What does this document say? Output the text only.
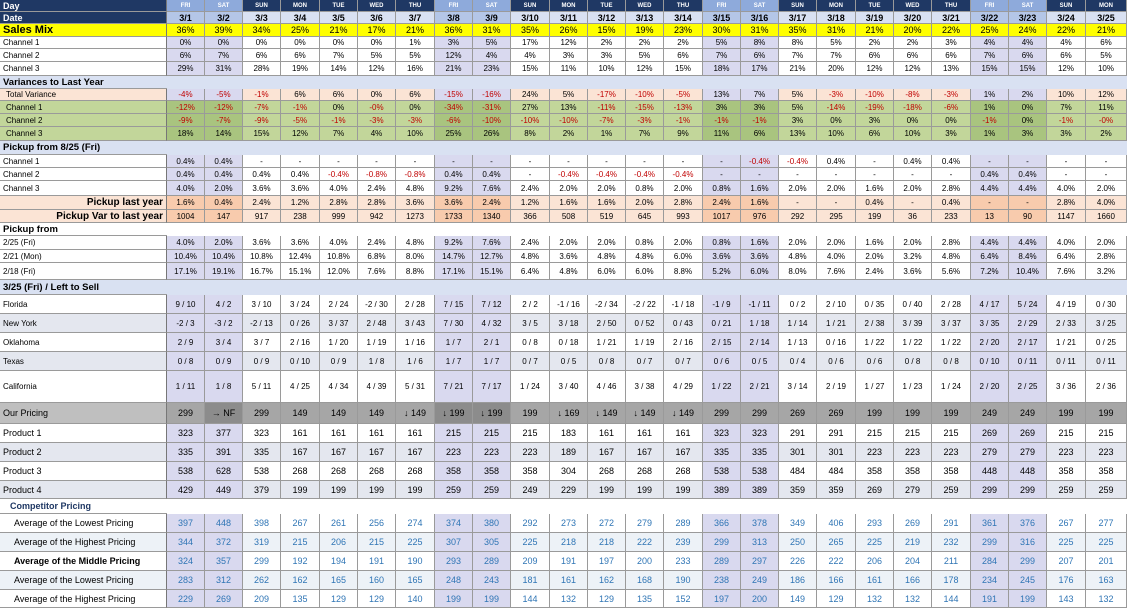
Day	FRI	SAT	SUN	MON	TUE	WED	THU	FRI	SAT	SUN	MON	TUE	WED	THU	FRI	SAT	SUN	MON	TUE	WED	THU	FRI	SAT	SUN	MON
Date	3/1	3/2	3/3	3/4	3/5	3/6	3/7	3/8	3/9	3/10	3/11	3/12	3/13	3/14	3/15	3/16	3/17	3/18	3/19	3/20	3/21	3/22	3/23	3/24	3/25
Sales Mix	36%	39%	34%	25%	21%	17%	21%	36%	31%	35%	26%	15%	19%	23%	30%	31%	35%	31%	21%	20%	22%	25%	24%	22%	21%
Channel 1	0%	0%	0%	0%	0%	0%	1%	3%	5%	17%	12%	2%	2%	2%	5%	8%	8%	5%	2%	2%	3%	4%	4%	4%	6%
Channel 2	6%	7%	6%	6%	7%	5%	5%	12%	4%	4%	3%	3%	5%	6%	7%	6%	7%	7%	6%	6%	6%	7%	6%	6%	5%
Channel 3	29%	31%	28%	19%	14%	12%	16%	21%	23%	15%	11%	10%	12%	15%	18%	17%	21%	20%	12%	12%	13%	15%	15%	12%	10%
Variances to Last Year
Total Variance	-4%	-5%	-1%	6%	6%	0%	6%	-15%	-16%	24%	5%	-17%	-10%	-5%	13%	7%	5%	-3%	-10%	-8%	-3%	1%	2%	10%	12%
Channel 1	-12%	-12%	-7%	-1%	0%	-0%	0%	-34%	-31%	27%	13%	-11%	-15%	-13%	3%	3%	5%	-14%	-19%	-18%	-6%	1%	0%	7%	11%
Channel 2	-9%	-7%	-9%	-5%	-1%	-3%	-3%	-6%	-10%	-10%	-10%	-7%	-3%	-1%	-1%	-1%	3%	0%	3%	0%	0%	-1%	0%	-1%	-0%
Channel 3	18%	14%	15%	12%	7%	4%	10%	25%	26%	8%	2%	1%	7%	9%	11%	6%	13%	10%	6%	10%	3%	1%	3%	3%	2%
Pickup from 8/25 (Fri)
Channel 1	0.4%	0.4%	-	-	-	-	-	-	-	-	-	-	-	-	-	-0.4%	-0.4%	0.4%	-	0.4%	0.4%	-	-	-	-
Channel 2	0.4%	0.4%	0.4%	0.4%	-0.4%	-0.8%	-0.8%	0.4%	0.4%	-	-0.4%	-0.4%	-0.4%	-0.4%	-	-	-	-	-	-	-	0.4%	0.4%	-	-
Channel 3	4.0%	2.0%	3.6%	3.6%	4.0%	2.4%	4.8%	9.2%	7.6%	2.4%	2.0%	2.0%	0.8%	2.0%	0.8%	1.6%	2.0%	2.0%	1.6%	2.0%	2.8%	4.4%	4.4%	4.0%	2.0%
Pickup last year	1.6%	0.4%	2.4%	1.2%	2.8%	2.8%	3.6%	3.6%	2.4%	1.2%	1.6%	1.6%	2.0%	2.8%	2.4%	1.6%	-	-	0.4%	-	0.4%	-	-	2.8%	4.0%
Pickup Var to last year	1004	147	917	238	999	942	1273	1733	1340	366	508	519	645	993	1017	976	292	295	199	36	233	13	90	1147	1660
Pickup from
2/25 (Fri)	4.0%	2.0%	3.6%	3.6%	4.0%	2.4%	4.8%	9.2%	7.6%	2.4%	2.0%	2.0%	0.8%	2.0%	0.8%	1.6%	2.0%	2.0%	1.6%	2.0%	2.8%	4.4%	4.4%	4.0%	2.0%
2/21 (Mon)	10.4%	10.4%	10.8%	12.4%	10.8%	6.8%	8.0%	14.7%	12.7%	4.8%	3.6%	4.8%	4.8%	6.0%	3.6%	3.6%	4.8%	4.0%	2.0%	3.2%	4.8%	6.4%	8.4%	6.4%	2.8%
2/18 (Fri)	17.1%	19.1%	16.7%	15.1%	12.0%	7.6%	8.8%	17.1%	15.1%	6.4%	4.8%	6.0%	6.0%	8.8%	5.2%	6.0%	8.0%	7.6%	2.4%	3.6%	5.6%	7.2%	10.4%	7.6%	3.2%
3/25 (Fri) / Left to Sell
Florida	9 / 10	4 / 2	3 / 10	3 / 24	2 / 24	-2 / 30	2 / 28	7 / 15	7 / 12	2 / 2	-1 / 16	-2 / 34	-2 / 22	-1 / 18	-1 / 9	-1 / 11	0 / 2	2 / 10	0 / 35	0 / 40	2 / 28	4 / 17	5 / 24	4 / 19	0 / 30
New York	-2 / 3	-3 / 2	-2 / 13	0 / 26	3 / 37	2 / 48	3 / 43	7 / 30	4 / 32	3 / 5	3 / 18	2 / 50	0 / 52	0 / 43	0 / 21	1 / 18	1 / 14	1 / 21	2 / 38	3 / 39	3 / 37	3 / 35	2 / 29	2 / 33	3 / 25
Oklahoma	2 / 9	3 / 4	3 / 7	2 / 16	1 / 20	1 / 19	1 / 16	1 / 7	2 / 1	0 / 8	0 / 18	1 / 21	1 / 19	2 / 16	2 / 15	2 / 14	1 / 13	0 / 16	1 / 22	1 / 22	1 / 22	2 / 20	2 / 17	1 / 21	0 / 25
Texas	0 / 8	0 / 9	0 / 9	0 / 10	0 / 9	1 / 8	1 / 6	1 / 7	1 / 7	0 / 7	0 / 5	0 / 8	0 / 7	0 / 7	0 / 6	0 / 5	0 / 4	0 / 6	0 / 6	0 / 8	0 / 8	0 / 10	0 / 11	0 / 11	0 / 11
California	1 / 11	1 / 8	5 / 11	4 / 25	4 / 34	4 / 39	5 / 31	7 / 21	7 / 17	1 / 24	3 / 40	4 / 46	3 / 38	4 / 29	1 / 22	2 / 21	3 / 14	2 / 19	1 / 27	1 / 23	1 / 24	2 / 20	2 / 25	3 / 36	2 / 36
Our Pricing	299	→ NF	299	149	149	149	↓ 149	↓ 199	↓ 199	199	↓ 169	↓ 149	↓ 149	↓ 149	299	299	269	269	199	199	199	249	249	199	199
Product 1	323	377	323	161	161	161	161	215	215	215	183	161	161	161	323	323	291	291	215	215	215	269	269	215	215
Product 2	335	391	335	167	167	167	167	223	223	223	189	167	167	167	335	335	301	301	223	223	223	279	279	223	223
Product 3	538	628	538	268	268	268	268	358	358	358	304	268	268	268	538	538	484	484	358	358	358	448	448	358	358
Product 4	429	449	379	199	199	199	199	259	259	249	229	199	199	199	389	389	359	359	269	279	259	299	299	259	259
Competitor Pricing
Average of the Lowest Pricing	397	448	398	267	261	256	274	374	380	292	273	272	279	289	366	378	349	406	293	269	291	361	376	267	277
Average of the Highest Pricing	344	372	319	215	206	215	225	307	305	225	218	218	222	239	299	313	250	265	225	219	232	299	316	225	225
Average of the Middle Pricing	324	357	299	192	194	191	190	293	289	209	191	197	200	233	289	297	226	222	206	204	211	284	299	207	201
Average of the Lowest Pricing	283	312	262	162	165	160	165	248	243	181	161	162	168	190	238	249	186	166	161	166	178	234	245	176	163
Average of the Highest Pricing	229	269	209	135	129	129	140	199	199	144	132	129	135	152	197	200	149	129	132	132	144	191	199	143	132
